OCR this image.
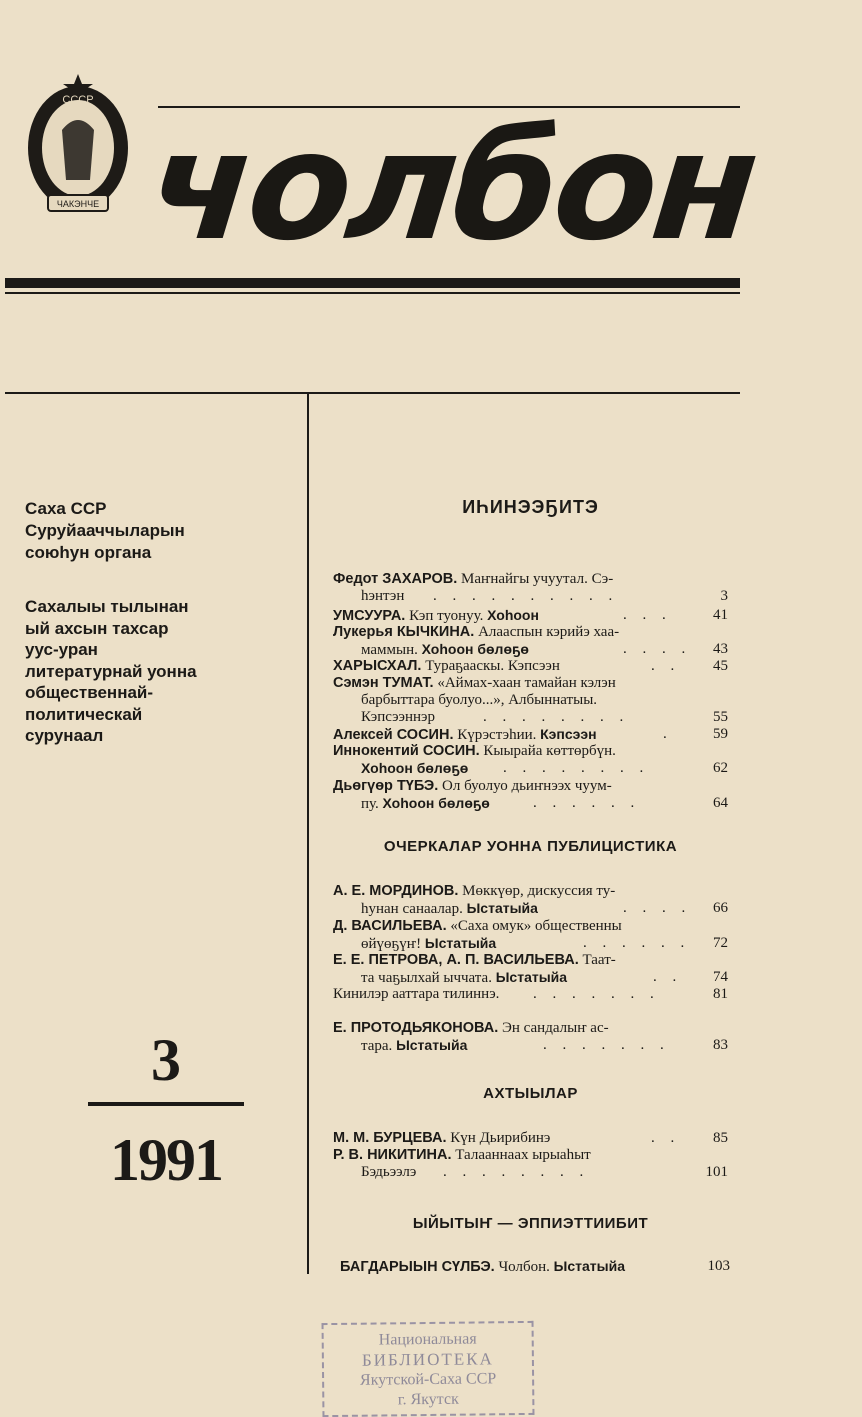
СССР
ЧАКЭНЧЕ чолбон
Саха ССР
Суруйааччыларын
союһун органа
Сахалыы тылынан
ый ахсын тахсар
уус-уран
литературнай уонна
общественнай-
политическай
сурунаал
3
1991
ИҺИНЭЭҔИТЭ
Федот ЗАХАРОВ. Маҥнайгы учуутал. Сэ-
һэнтэн . . . . . . . . . .	3
УМСУУРА. Кэп туонуу. Хоһоон	. . .	41
Лукерья КЫЧКИНА. Алааспын кэрийэ хаа-
маммын. Хоһоон бөлөҕө	. . . . 43
ХАРЫСХАЛ. Тураҕааскы. Кэпсээн	. . 45
Сэмэн ТУМАТ. «Аймах-хаан тамайан кэлэн
барбыттара буолуо...», Албыннатыы.
Кэпсээннэр	. . . . . . . .	55
Алексей СОСИН. Күрэстэһии. Кэпсээн	.	59
Иннокентий СОСИН. Кыырайа көттөрбүн.
Хоһоон бөлөҕө . . . . . . . .	62
Дьөгүөр ТҮБЭ. Ол буолуо дьиҥнээх чуум-
пу. Хоһоон бөлөҕө	. . . . . .	64
ОЧЕРКАЛАР УОННА ПУБЛИЦИСТИКА
А. Е. МОРДИНОВ. Мөккүөр, дискуссия ту-
һунан санаалар. Ыстатыйа	. . . . 66
Д. ВАСИЛЬЕВА. «Саха омук» общественны
өйүөҕүҥ! Ыстатыйа	. . . . . . 72
Е. Е. ПЕТРОВА, А. П. ВАСИЛЬЕВА. Таат-
та чаҕылхай ыччата. Ыстатыйа	. . 74
Кинилэр ааттара тилиннэ. . . . . . . .	81
Е. ПРОТОДЬЯКОНОВА. Эн сандалыҥ ас-
тара. Ыстатыйа	. . . . . . .	83
АХТЫЫЛАР
М. М. БУРЦЕВА. Күн Дьирибинэ	. . 85
Р. В. НИКИТИНА. Талааннаах ырыаһыт
Бэдьээлэ . . . . . . . .	101
ЫЙЫТЫҤ — ЭППИЭТТИИБИТ
БАГДАРЫЫН СҮЛБЭ. Чолбон. Ыстатыйа	103
Национальная
БИБЛИОТЕКА
Якутской-Саха ССР
г. Якутск
